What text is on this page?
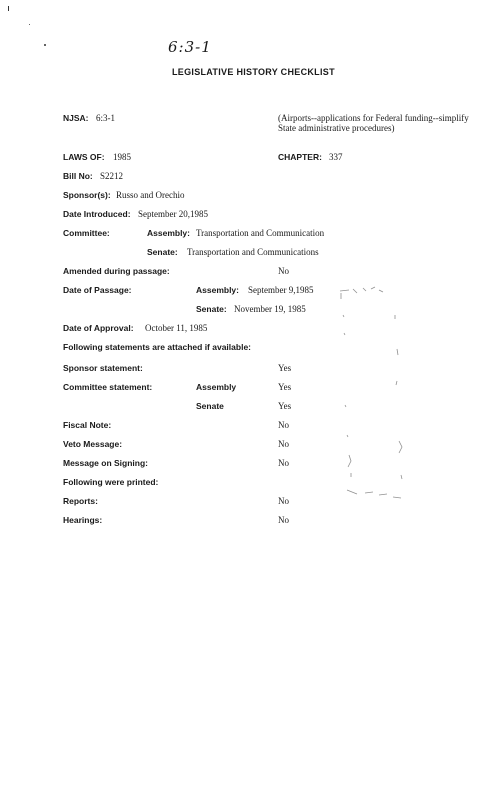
6:3-1
LEGISLATIVE HISTORY CHECKLIST
NJSA: 6:3-1	(Airports--applications for Federal funding--simplify State administrative procedures)
LAWS OF: 1985	CHAPTER: 337
Bill No: S2212
Sponsor(s): Russo and Orechio
Date Introduced: September 20,1985
Committee:	Assembly: Transportation and Communication
Senate: Transportation and Communications
Amended during passage:	No
Date of Passage:	Assembly: September 9,1985
Senate: November 19, 1985
Date of Approval: October 11, 1985
Following statements are attached if available:
Sponsor statement:	Yes
Committee statement:	Assembly	Yes
Senate	Yes
Fiscal Note:	No
Veto Message:	No
Message on Signing:	No
Following were printed:
Reports:	No
Hearings:	No
